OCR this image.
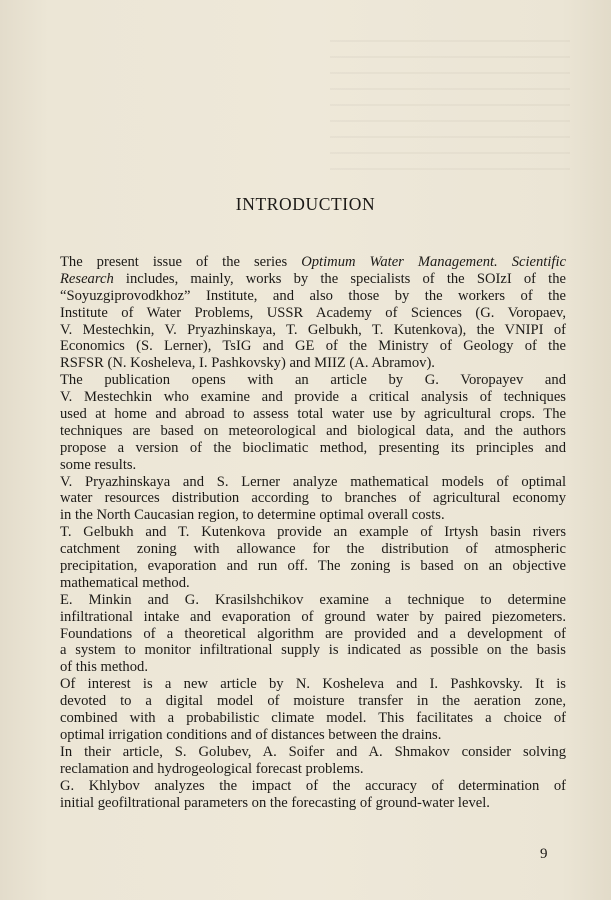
INTRODUCTION
The present issue of the series Optimum Water Management. Scientific
Research includes, mainly, works by the specialists of the SOIzI of the
“Soyuzgiprovodkhoz” Institute, and also those by the workers of the
Institute of Water Problems, USSR Academy of Sciences (G. Voropaev,
V. Mestechkin, V. Pryazhinskaya, T. Gelbukh, T. Kutenkova), the VNIPI of
Economics (S. Lerner), TsIG and GE of the Ministry of Geology of the
RSFSR (N. Kosheleva, I. Pashkovsky) and MIIZ (A. Abramov).
The publication opens with an article by G. Voropayev and
V. Mestechkin who examine and provide a critical analysis of techniques
used at home and abroad to assess total water use by agricultural crops. The
techniques are based on meteorological and biological data, and the authors
propose a version of the bioclimatic method, presenting its principles and
some results.
V. Pryazhinskaya and S. Lerner analyze mathematical models of optimal
water resources distribution according to branches of agricultural economy
in the North Caucasian region, to determine optimal overall costs.
T. Gelbukh and T. Kutenkova provide an example of Irtysh basin rivers
catchment zoning with allowance for the distribution of atmospheric
precipitation, evaporation and run off. The zoning is based on an objective
mathematical method.
E. Minkin and G. Krasilshchikov examine a technique to determine
infiltrational intake and evaporation of ground water by paired piezometers.
Foundations of a theoretical algorithm are provided and a development of
a system to monitor infiltrational supply is indicated as possible on the basis
of this method.
Of interest is a new article by N. Kosheleva and I. Pashkovsky. It is
devoted to a digital model of moisture transfer in the aeration zone,
combined with a probabilistic climate model. This facilitates a choice of
optimal irrigation conditions and of distances between the drains.
In their article, S. Golubev, A. Soifer and A. Shmakov consider solving
reclamation and hydrogeological forecast problems.
G. Khlybov analyzes the impact of the accuracy of determination of
initial geofiltrational parameters on the forecasting of ground-water level.

9
